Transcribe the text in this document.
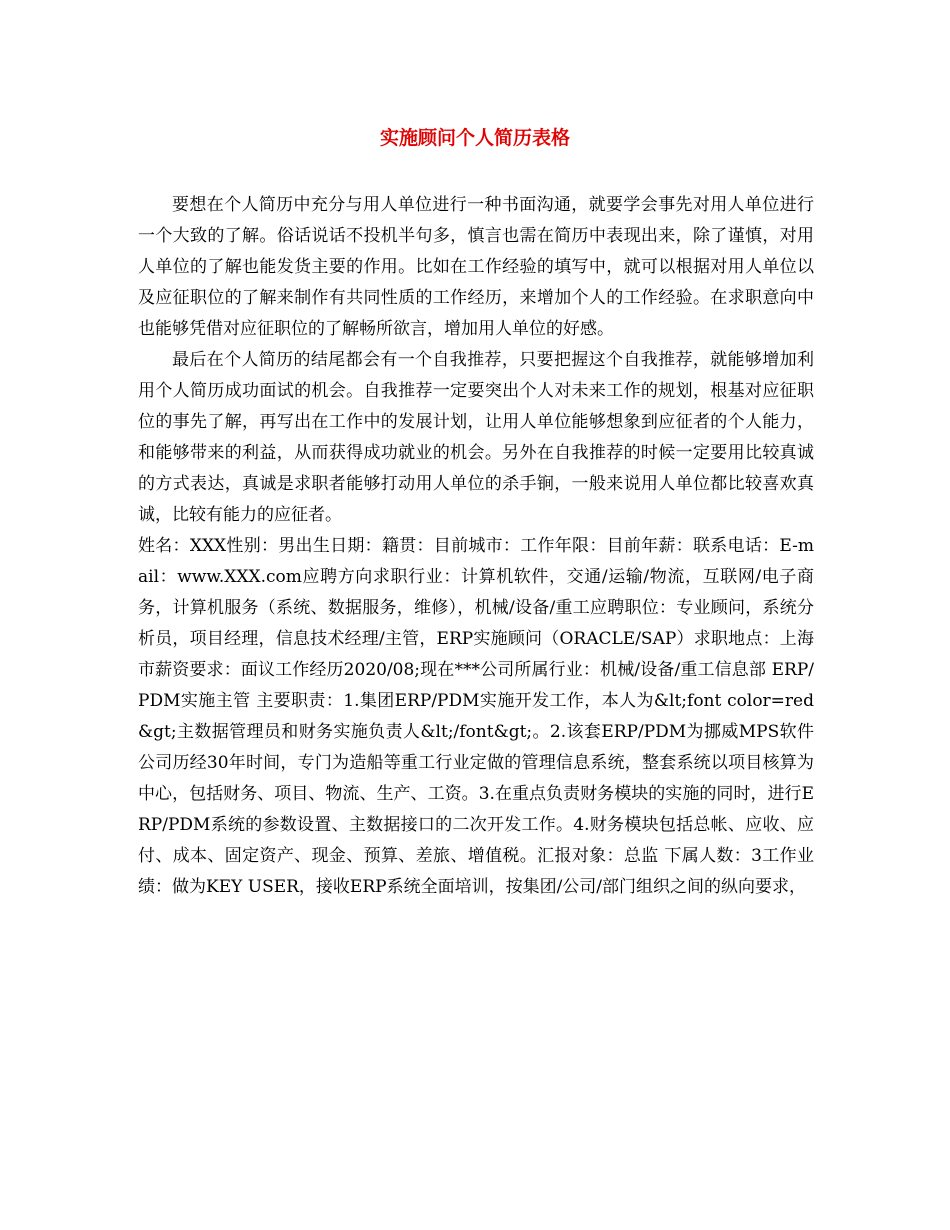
实施顾问个人简历表格

要想在个人简历中充分与用人单位进行一种书面沟通，就要学会事先对用人单位进行一个大致的了解。俗话说话不投机半句多，慎言也需在简历中表现出来，除了谨慎，对用人单位的了解也能发货主要的作用。比如在工作经验的填写中，就可以根据对用人单位以及应征职位的了解来制作有共同性质的工作经历，来增加个人的工作经验。在求职意向中也能够凭借对应征职位的了解畅所欲言，增加用人单位的好感。

最后在个人简历的结尾都会有一个自我推荐，只要把握这个自我推荐，就能够增加利用个人简历成功面试的机会。自我推荐一定要突出个人对未来工作的规划，根基对应征职位的事先了解，再写出在工作中的发展计划，让用人单位能够想象到应征者的个人能力，和能够带来的利益，从而获得成功就业的机会。另外在自我推荐的时候一定要用比较真诚的方式表达，真诚是求职者能够打动用人单位的杀手锏，一般来说用人单位都比较喜欢真诚，比较有能力的应征者。

姓名：XXX性别：男出生日期：籍贯：目前城市：工作年限：目前年薪：联系电话：E-mail：www.XXX.com应聘方向求职行业：计算机软件，交通/运输/物流，互联网/电子商务，计算机服务（系统、数据服务，维修），机械/设备/重工应聘职位：专业顾问，系统分析员，项目经理，信息技术经理/主管，ERP实施顾问（ORACLE/SAP）求职地点：上海市薪资要求：面议工作经历2020/08;现在***公司所属行业：机械/设备/重工信息部 ERP/PDM实施主管 主要职责：1.集团ERP/PDM实施开发工作，本人为&lt;font color=red&gt;主数据管理员和财务实施负责人&lt;/font&gt;。2.该套ERP/PDM为挪威MPS软件公司历经30年时间，专门为造船等重工行业定做的管理信息系统，整套系统以项目核算为中心，包括财务、项目、物流、生产、工资。3.在重点负责财务模块的实施的同时，进行ERP/PDM系统的参数设置、主数据接口的二次开发工作。4.财务模块包括总帐、应收、应付、成本、固定资产、现金、预算、差旅、增值税。汇报对象：总监 下属人数：3工作业绩：做为KEY USER，接收ERP系统全面培训，按集团/公司/部门组织之间的纵向要求，
